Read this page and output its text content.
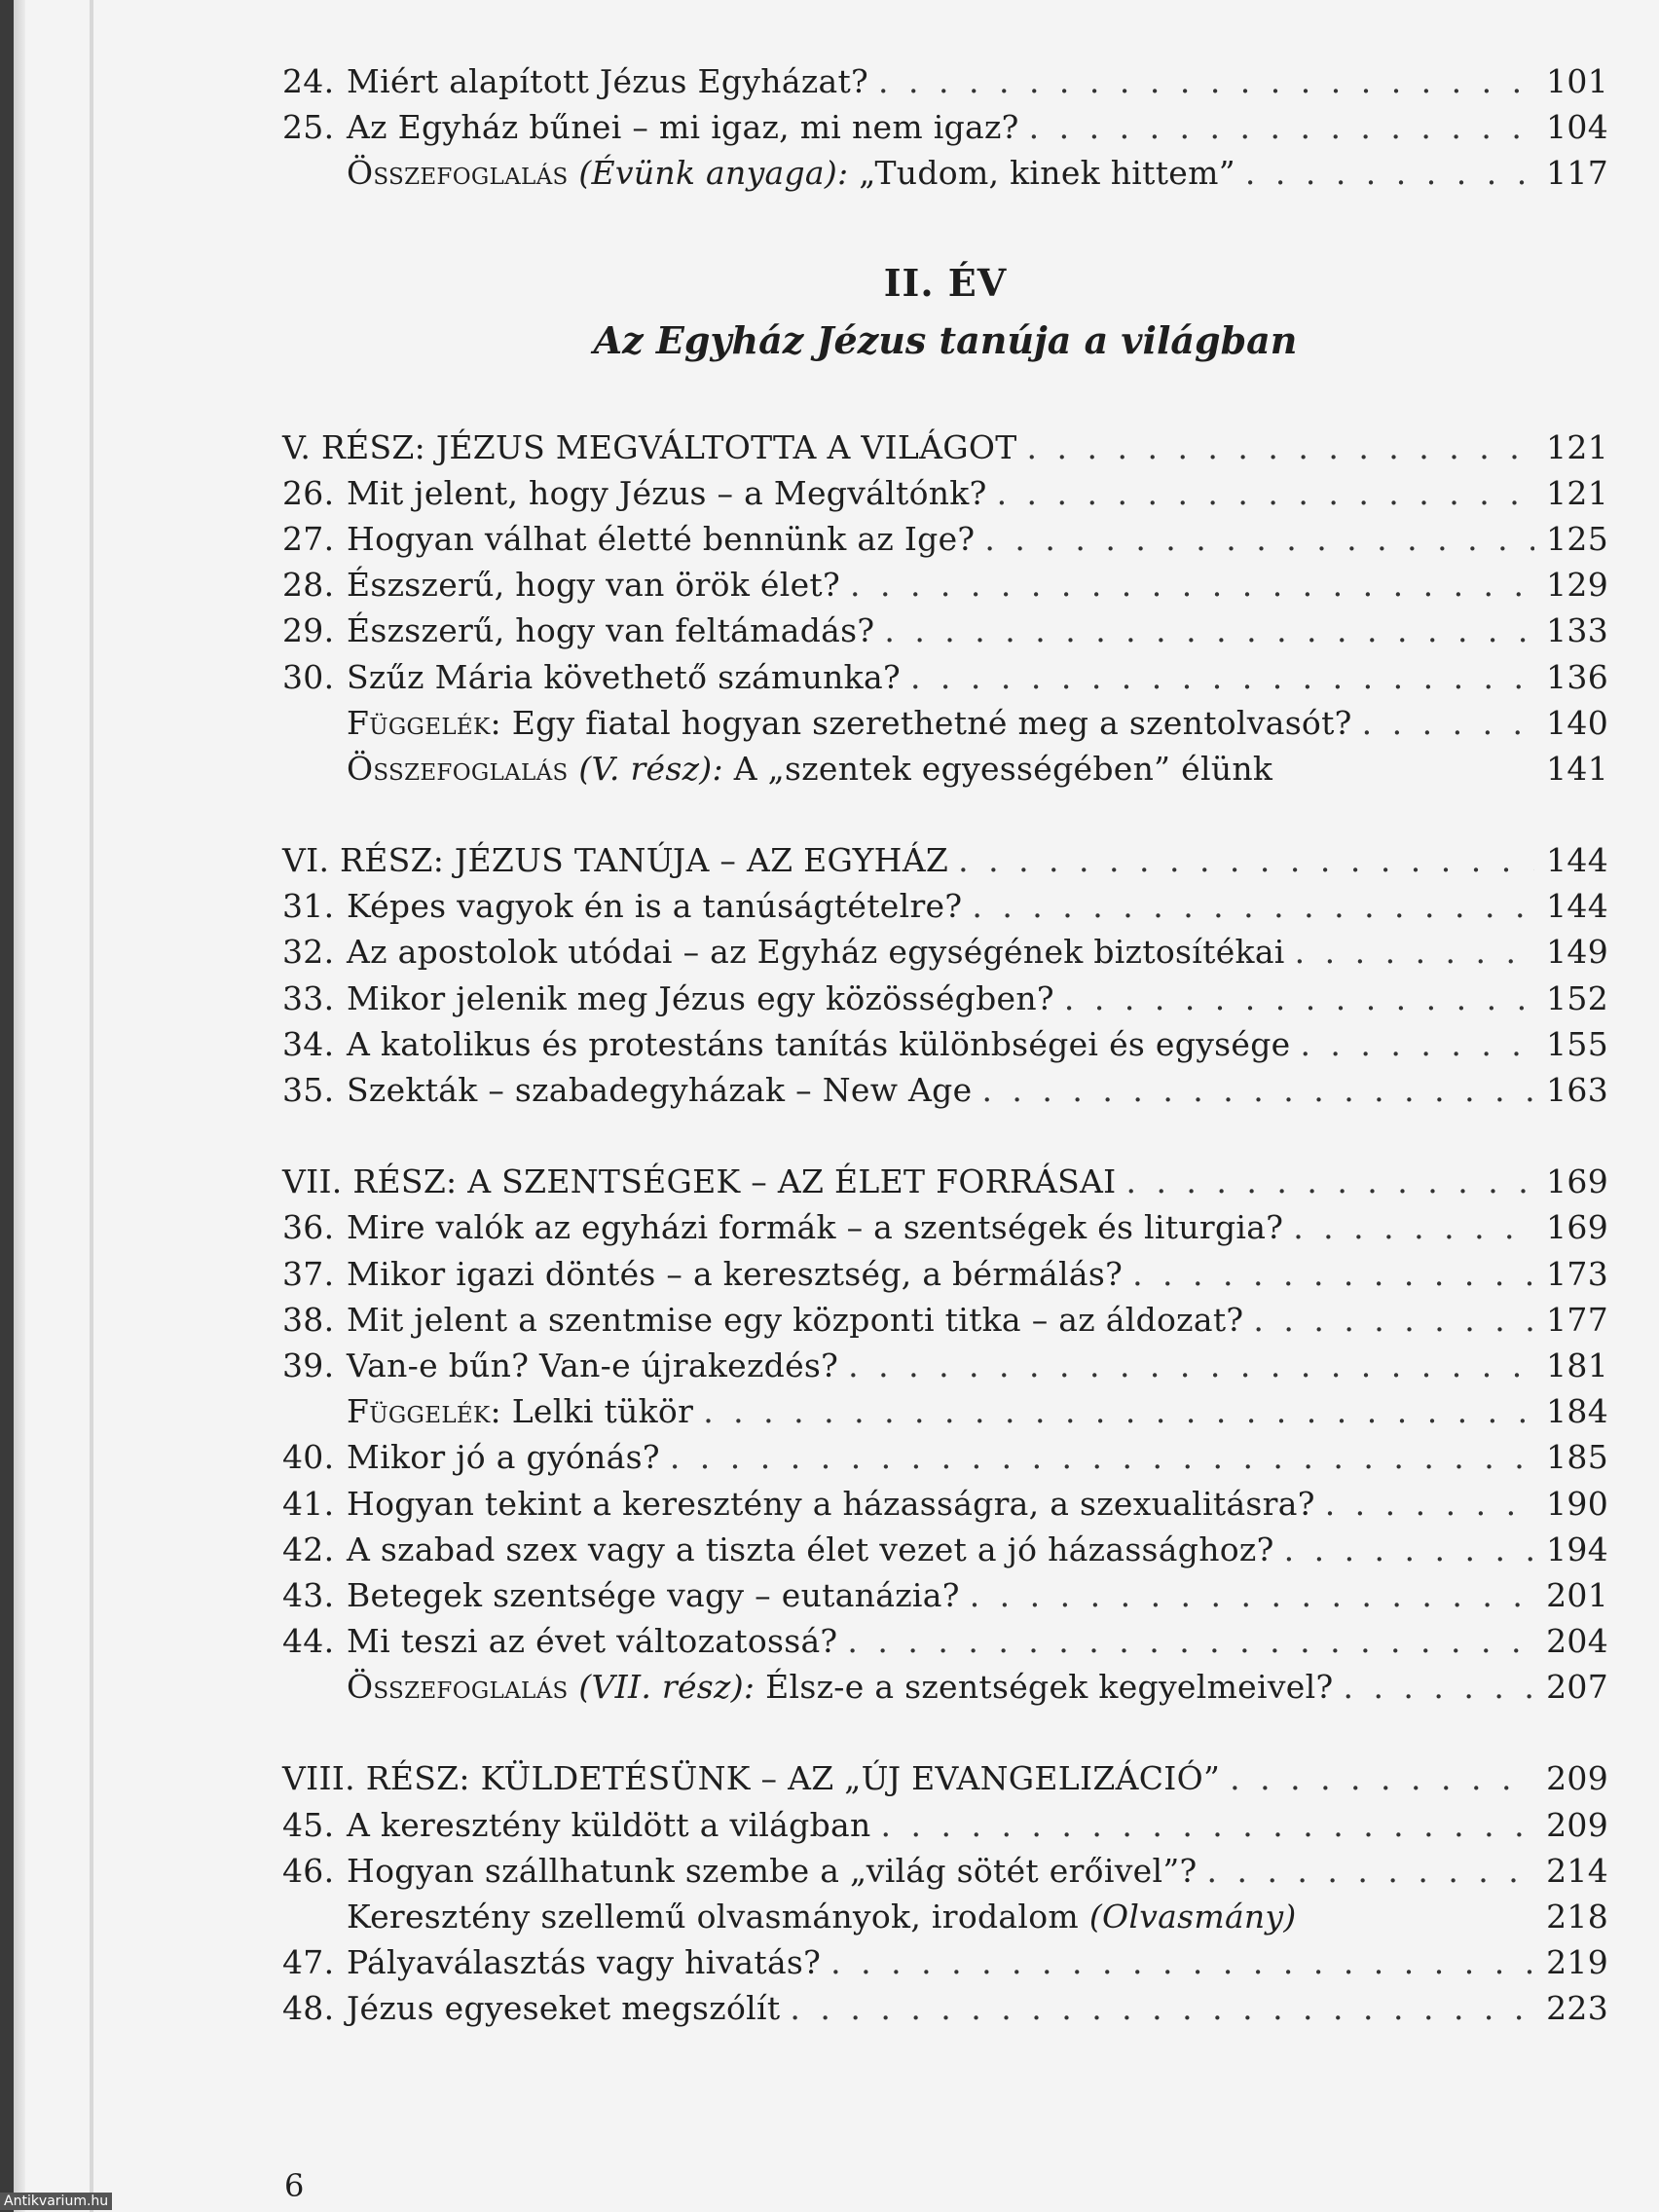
24. Miért alapított Jézus Egyházat? . . .	101
25. Az Egyház bűnei – mi igaz, mi nem igaz? . . .	104
Összefoglalás (Évünk anyaga): „Tudom, kinek hittem” . . .	117
II. ÉV
Az Egyház Jézus tanúja a világban
V. RÉSZ: JÉZUS MEGVÁLTOTTA A VILÁGOT . . .	121
26. Mit jelent, hogy Jézus – a Megváltónk? . . .	121
27. Hogyan válhat életté bennünk az Ige? . . .	125
28. Észszerű, hogy van örök élet? . . .	129
29. Észszerű, hogy van feltámadás? . . .	133
30. Szűz Mária követhető számunka? . . .	136
Függelék: Egy fiatal hogyan szerethetné meg a szentolvasót? . . .	140
Összefoglalás (V. rész): A „szentek egyességében” élünk	141
VI. RÉSZ: JÉZUS TANÚJA – AZ EGYHÁZ . . .	144
31. Képes vagyok én is a tanúságtételre? . . .	144
32. Az apostolok utódai – az Egyház egységének biztosítékai . . .	149
33. Mikor jelenik meg Jézus egy közösségben? . . .	152
34. A katolikus és protestáns tanítás különbségei és egysége . . .	155
35. Szekták – szabadegyházak – New Age . . .	163
VII. RÉSZ: A SZENTSÉGEK – AZ ÉLET FORRÁSAI . . .	169
36. Mire valók az egyházi formák – a szentségek és liturgia? . . .	169
37. Mikor igazi döntés – a keresztség, a bérmálás? . . .	173
38. Mit jelent a szentmise egy központi titka – az áldozat? . . .	177
39. Van-e bűn? Van-e újrakezdés? . . .	181
Függelék: Lelki tükör . . .	184
40. Mikor jó a gyónás? . . .	185
41. Hogyan tekint a keresztény a házasságra, a szexualitásra? . . .	190
42. A szabad szex vagy a tiszta élet vezet a jó házassághoz? . . .	194
43. Betegek szentsége vagy – eutanázia? . . .	201
44. Mi teszi az évet változatossá? . . .	204
Összefoglalás (VII. rész): Élsz-e a szentségek kegyelmeivel? . . .	207
VIII. RÉSZ: KÜLDETÉSÜNK – AZ „ÚJ EVANGELIZÁCIÓ” . . .	209
45. A keresztény küldött a világban . . .	209
46. Hogyan szállhatunk szembe a „világ sötét erőivel”? . . .	214
Keresztény szellemű olvasmányok, irodalom (Olvasmány)	218
47. Pályaválasztás vagy hivatás? . . .	219
48. Jézus egyeseket megszólít . . .	223
6
Antikvarium.hu
